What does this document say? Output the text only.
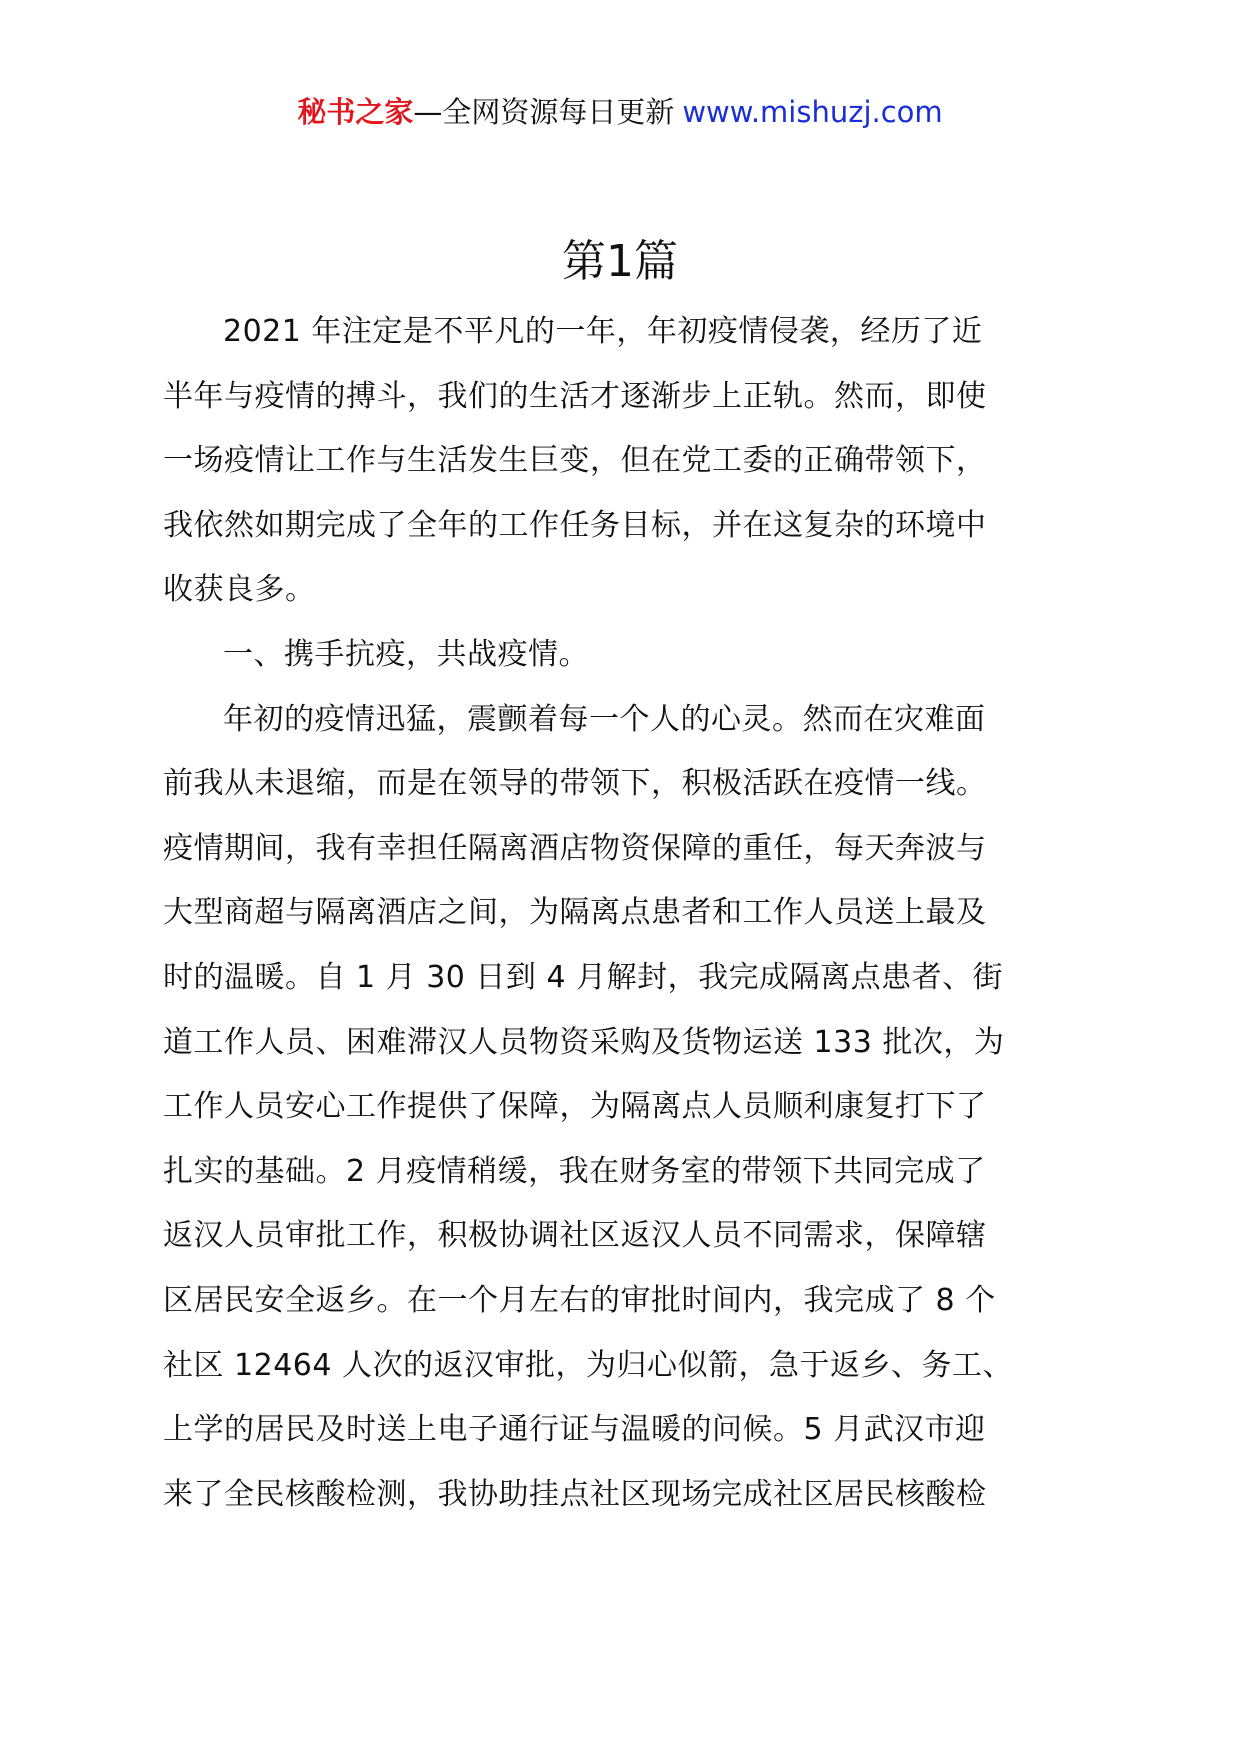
秘书之家—全网资源每日更新 www.mishuzj.com
第1篇

2021 年注定是不平凡的一年，年初疫情侵袭，经历了近
半年与疫情的搏斗，我们的生活才逐渐步上正轨。然而，即使
一场疫情让工作与生活发生巨变，但在党工委的正确带领下，
我依然如期完成了全年的工作任务目标，并在这复杂的环境中
收获良多。

一、携手抗疫，共战疫情。

年初的疫情迅猛，震颤着每一个人的心灵。然而在灾难面
前我从未退缩，而是在领导的带领下，积极活跃在疫情一线。
疫情期间，我有幸担任隔离酒店物资保障的重任，每天奔波与
大型商超与隔离酒店之间，为隔离点患者和工作人员送上最及
时的温暖。自 1 月 30 日到 4 月解封，我完成隔离点患者、街
道工作人员、困难滞汉人员物资采购及货物运送 133 批次，为
工作人员安心工作提供了保障，为隔离点人员顺利康复打下了
扎实的基础。2 月疫情稍缓，我在财务室的带领下共同完成了
返汉人员审批工作，积极协调社区返汉人员不同需求，保障辖
区居民安全返乡。在一个月左右的审批时间内，我完成了 8 个
社区 12464 人次的返汉审批，为归心似箭，急于返乡、务工、
上学的居民及时送上电子通行证与温暖的问候。5 月武汉市迎
来了全民核酸检测，我协助挂点社区现场完成社区居民核酸检
